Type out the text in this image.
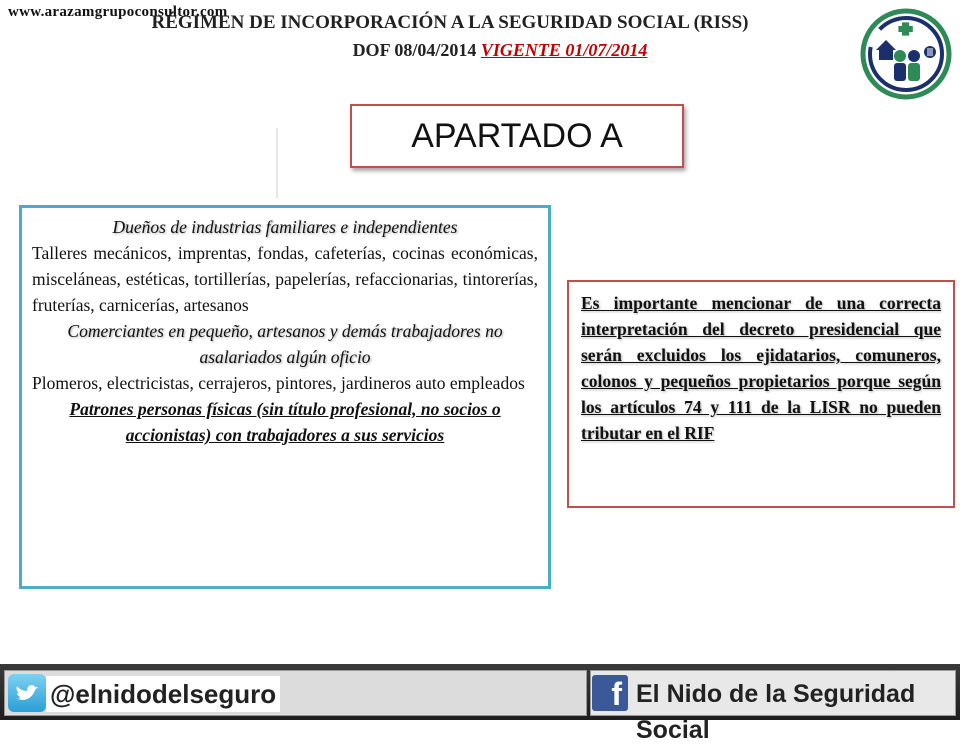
www.arazamgrupoconsultor.com
RÉGIMEN DE INCORPORACIÓN A LA SEGURIDAD SOCIAL (RISS)
DOF 08/04/2014 VIGENTE 01/07/2014
APARTADO A
Dueños de industrias familiares e independientes
Talleres mecánicos, imprentas, fondas, cafeterías, cocinas económicas, misceláneas, estéticas, tortillerías, papelerías, refaccionarias, tintorerías, fruterías, carnicerías, artesanos
Comerciantes en pequeño, artesanos y demás trabajadores no asalariados algún oficio
Plomeros, electricistas, cerrajeros, pintores, jardineros auto empleados
Patrones personas físicas (sin título profesional, no socios o accionistas) con trabajadores a sus servicios
Es importante mencionar de una correcta interpretación del decreto presidencial que serán excluidos los ejidatarios, comuneros, colonos y pequeños propietarios porque según los artículos 74 y 111 de la LISR no pueden tributar en el RIF
@elnidodelseguro	f El Nido de la Seguridad Social
